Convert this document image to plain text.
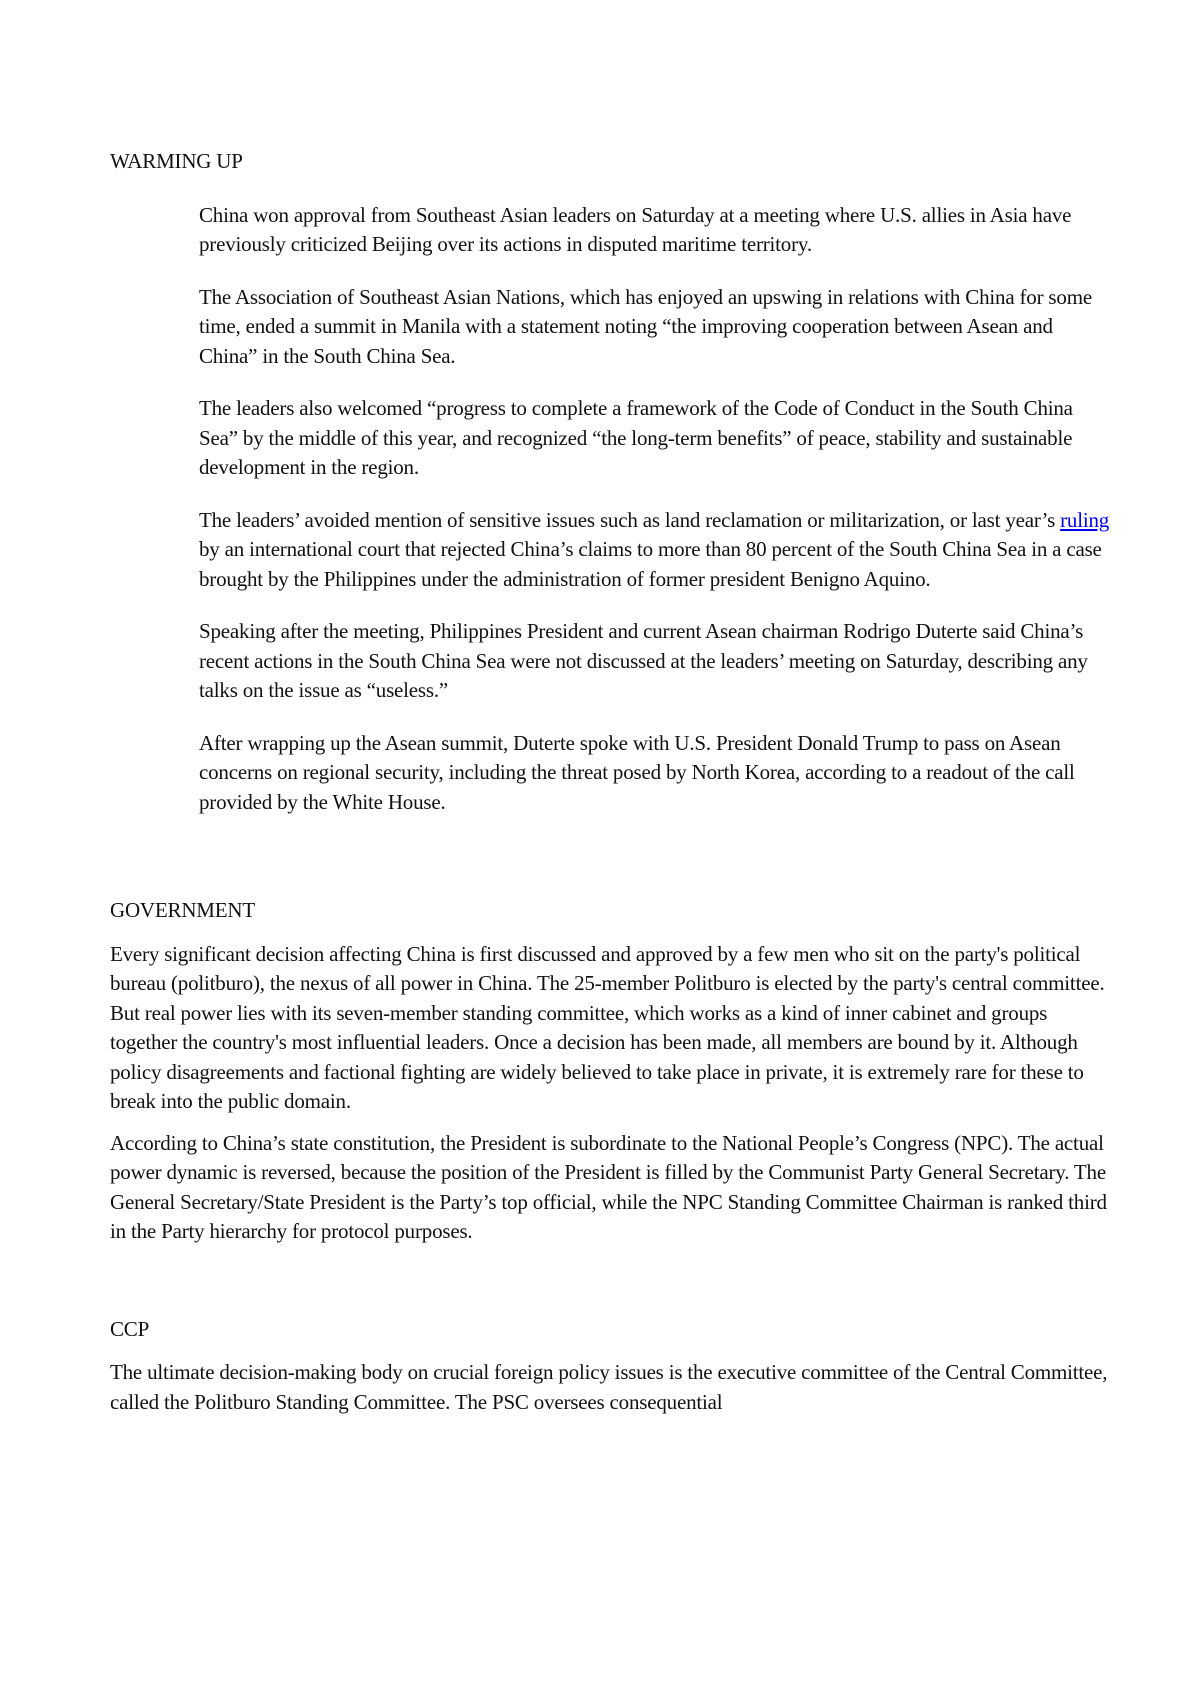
WARMING UP

China won approval from Southeast Asian leaders on Saturday at a meeting where U.S. allies in Asia have previously criticized Beijing over its actions in disputed maritime territory.

The Association of Southeast Asian Nations, which has enjoyed an upswing in relations with China for some time, ended a summit in Manila with a statement noting “the improving cooperation between Asean and China” in the South China Sea.

The leaders also welcomed “progress to complete a framework of the Code of Conduct in the South China Sea” by the middle of this year, and recognized “the long-term benefits” of peace, stability and sustainable development in the region.

The leaders’ avoided mention of sensitive issues such as land reclamation or militarization, or last year’s ruling by an international court that rejected China’s claims to more than 80 percent of the South China Sea in a case brought by the Philippines under the administration of former president Benigno Aquino.

Speaking after the meeting, Philippines President and current Asean chairman Rodrigo Duterte said China’s recent actions in the South China Sea were not discussed at the leaders’ meeting on Saturday, describing any talks on the issue as “useless.”

After wrapping up the Asean summit, Duterte spoke with U.S. President Donald Trump to pass on Asean concerns on regional security, including the threat posed by North Korea, according to a readout of the call provided by the White House.

GOVERNMENT

Every significant decision affecting China is first discussed and approved by a few men who sit on the party's political bureau (politburo), the nexus of all power in China. The 25-member Politburo is elected by the party's central committee. But real power lies with its seven-member standing committee, which works as a kind of inner cabinet and groups together the country's most influential leaders. Once a decision has been made, all members are bound by it. Although policy disagreements and factional fighting are widely believed to take place in private, it is extremely rare for these to break into the public domain.

According to China’s state constitution, the President is subordinate to the National People’s Congress (NPC). The actual power dynamic is reversed, because the position of the President is filled by the Communist Party General Secretary. The General Secretary/State President is the Party’s top official, while the NPC Standing Committee Chairman is ranked third in the Party hierarchy for protocol purposes.

CCP

The ultimate decision-making body on crucial foreign policy issues is the executive committee of the Central Committee, called the Politburo Standing Committee. The PSC oversees consequential
